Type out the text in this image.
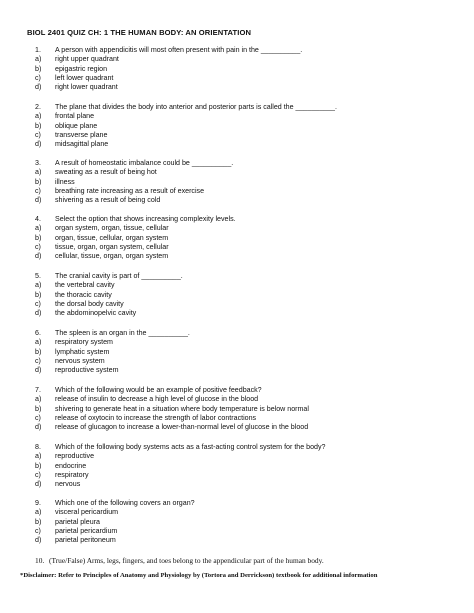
BIOL 2401 QUIZ CH: 1 THE HUMAN BODY: AN ORIENTATION
1.	A person with appendicitis will most often present with pain in the __________.
a)	right upper quadrant
b)	epigastric region
c)	left lower quadrant
d)	right lower quadrant
2.	The plane that divides the body into anterior and posterior parts is called the __________.
a)	frontal plane
b)	oblique plane
c)	transverse plane
d)	midsagittal plane
3.	A result of homeostatic imbalance could be __________.
a)	sweating as a result of being hot
b)	illness
c)	breathing rate increasing as a result of exercise
d)	shivering as a result of being cold
4.	Select the option that shows increasing complexity levels.
a)	organ system, organ, tissue, cellular
b)	organ, tissue, cellular, organ system
c)	tissue, organ, organ system, cellular
d)	cellular, tissue, organ, organ system
5.	The cranial cavity is part of __________.
a)	the vertebral cavity
b)	the thoracic cavity
c)	the dorsal body cavity
d)	the abdominopelvic cavity
6.	The spleen is an organ in the __________.
a)	respiratory system
b)	lymphatic system
c)	nervous system
d)	reproductive system
7.	Which of the following would be an example of positive feedback?
a)	release of insulin to decrease a high level of glucose in the blood
b)	shivering to generate heat in a situation where body temperature is below normal
c)	release of oxytocin to increase the strength of labor contractions
d)	release of glucagon to increase a lower-than-normal level of glucose in the blood
8.	Which of the following body systems acts as a fast-acting control system for the body?
a)	reproductive
b)	endocrine
c)	respiratory
d)	nervous
9.	Which one of the following covers an organ?
a)	visceral pericardium
b)	parietal pleura
c)	parietal pericardium
d)	parietal peritoneum
10. (True/False) Arms, legs, fingers, and toes belong to the appendicular part of the human body.
*Disclaimer: Refer to Principles of Anatomy and Physiology by (Tortora and Derrickson) textbook for additional information
